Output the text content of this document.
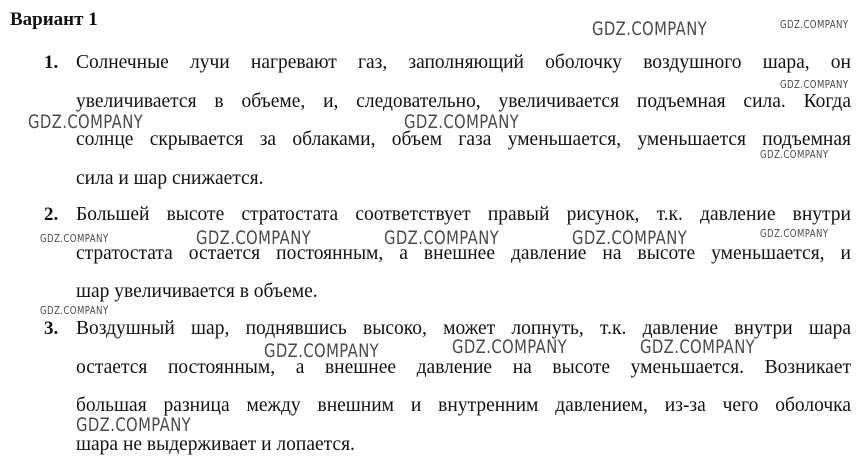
Вариант 1
1. Солнечные лучи нагревают газ, заполняющий оболочку воздушного шара, он
увеличивается в объеме, и, следовательно, увеличивается подъемная сила. Когда
солнце скрывается за облаками, объем газа уменьшается, уменьшается подъемная
сила и шар снижается.
2. Большей высоте стратостата соответствует правый рисунок, т.к. давление внутри
стратостата остается постоянным, а внешнее давление на высоте уменьшается, и
шар увеличивается в объеме.
3. Воздушный шар, поднявшись высоко, может лопнуть, т.к. давление внутри шара
остается постоянным, а внешнее давление на высоте уменьшается. Возникает
большая разница между внешним и внутренним давлением, из-за чего оболочка
шара не выдерживает и лопается.
GDZ.COMPANY	GDZ.COMPANY
GDZ.COMPANY
GDZ.COMPANY	GDZ.COMPANY
GDZ.COMPANY
GDZ.COMPANY	GDZ.COMPANY	GDZ.COMPANY	GDZ.COMPANY	GDZ.COMPANY
GDZ.COMPANY
GDZ.COMPANY	GDZ.COMPANY	GDZ.COMPANY
GDZ.COMPANY
